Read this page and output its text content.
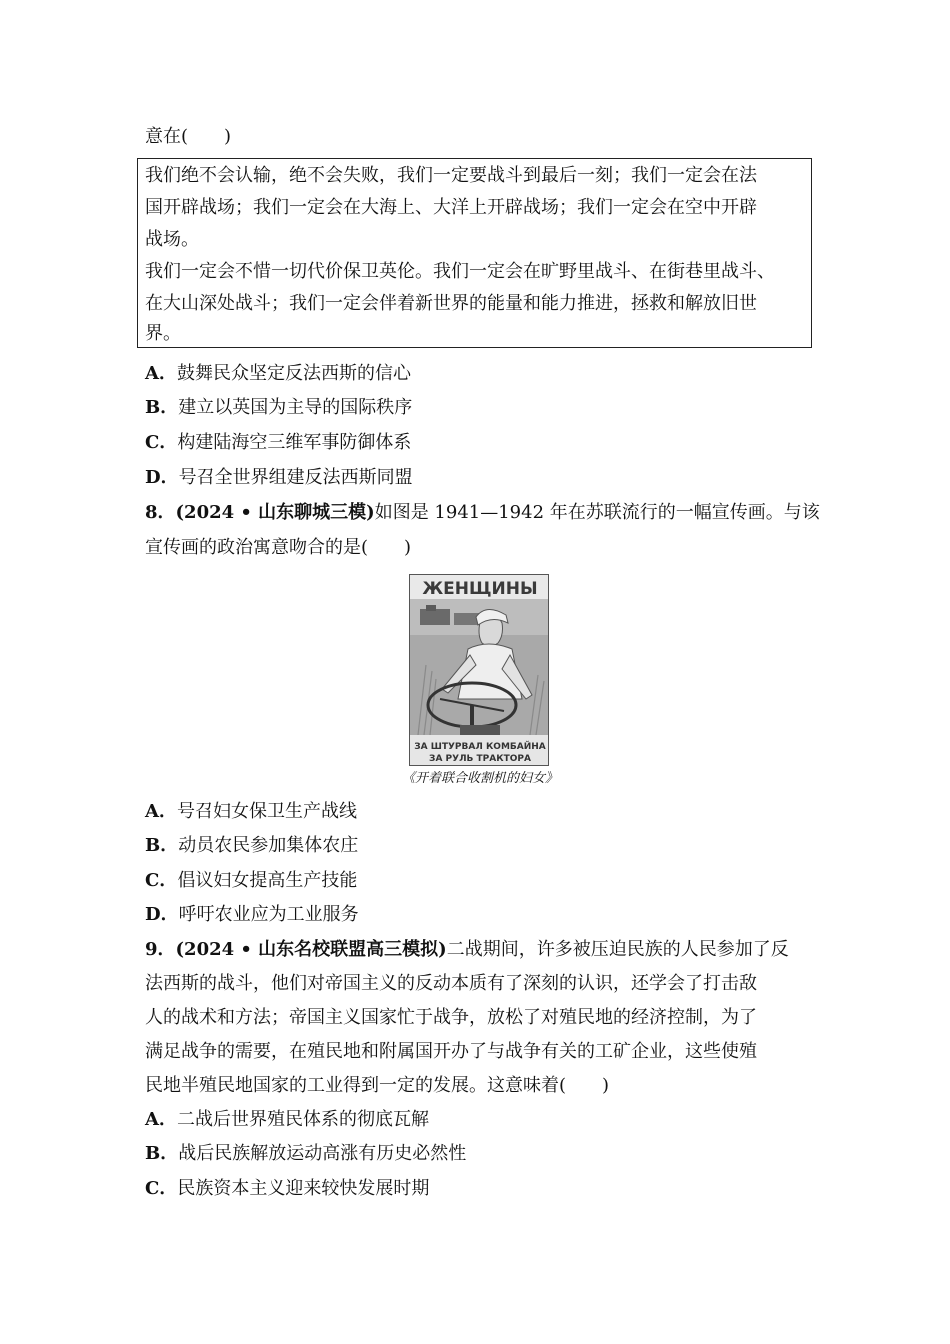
意在(　　)
我们绝不会认输，绝不会失败，我们一定要战斗到最后一刻；我们一定会在法
国开辟战场；我们一定会在大海上、大洋上开辟战场；我们一定会在空中开辟
战场。
我们一定会不惜一切代价保卫英伦。我们一定会在旷野里战斗、在街巷里战斗、
在大山深处战斗；我们一定会伴着新世界的能量和能力推进，拯救和解放旧世
界。
A．鼓舞民众坚定反法西斯的信心
B．建立以英国为主导的国际秩序
C．构建陆海空三维军事防御体系
D．号召全世界组建反法西斯同盟
8．(2024 • 山东聊城三模)如图是 1941—1942 年在苏联流行的一幅宣传画。与该
宣传画的政治寓意吻合的是(　　)
ЖЕНЩИНЫ
ЗА ШТУРВАЛ КОМБАЙНА
ЗА РУЛЬ ТРАКТОРА
《开着联合收割机的妇女》
A．号召妇女保卫生产战线
B．动员农民参加集体农庄
C．倡议妇女提高生产技能
D．呼吁农业应为工业服务
9．(2024 • 山东名校联盟高三模拟)二战期间，许多被压迫民族的人民参加了反
法西斯的战斗，他们对帝国主义的反动本质有了深刻的认识，还学会了打击敌
人的战术和方法；帝国主义国家忙于战争，放松了对殖民地的经济控制，为了
满足战争的需要，在殖民地和附属国开办了与战争有关的工矿企业，这些使殖
民地半殖民地国家的工业得到一定的发展。这意味着(　　)
A．二战后世界殖民体系的彻底瓦解
B．战后民族解放运动高涨有历史必然性
C．民族资本主义迎来较快发展时期
